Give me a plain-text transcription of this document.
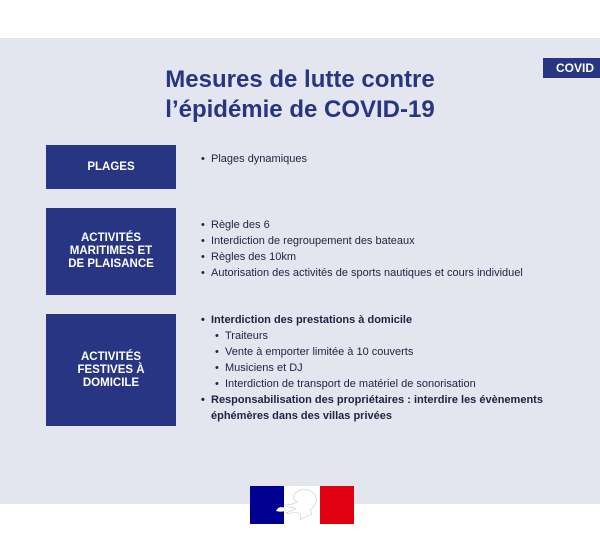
COVID
Mesures de lutte contre
l’épidémie de COVID-19
PLAGES
• Plages dynamiques
ACTIVITÉS
MARITIMES ET
DE PLAISANCE
• Règle des 6
• Interdiction de regroupement des bateaux
• Règles des 10km
• Autorisation des activités de sports nautiques et cours individuel
ACTIVITÉS
FESTIVES À
DOMICILE
• Interdiction des prestations à domicile
• Traiteurs
• Vente à emporter limitée à 10 couverts
• Musiciens et DJ
• Interdiction de transport de matériel de sonorisation
• Responsabilisation des propriétaires : interdire les évènements
éphémères dans des villas privées
